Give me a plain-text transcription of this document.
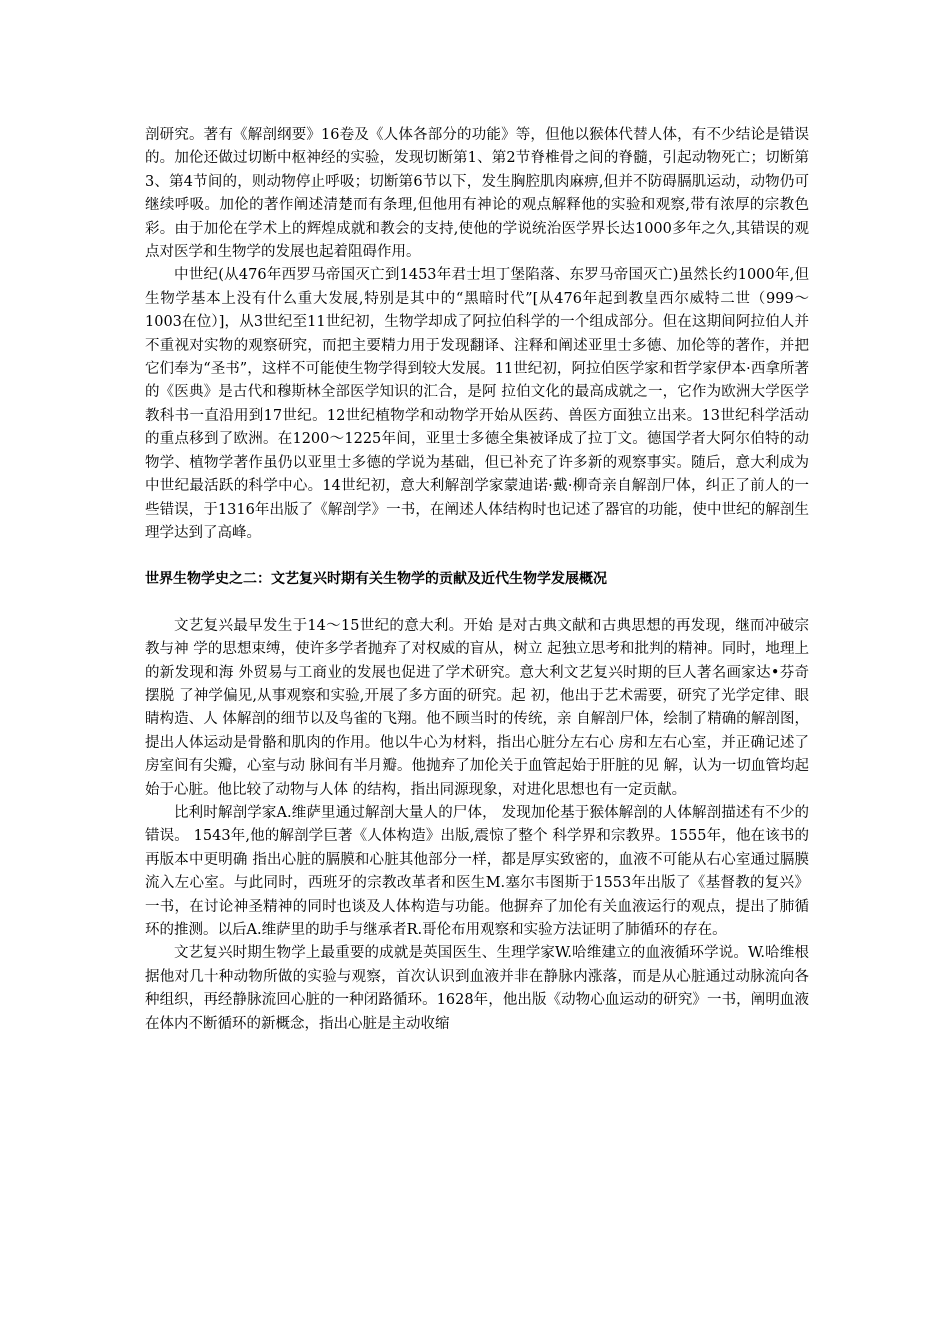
剖研究。著有《解剖纲要》16卷及《人体各部分的功能》等，但他以猴体代替人体，有不少结论是错误的。加伦还做过切断中枢神经的实验，发现切断第1、第2节脊椎骨之间的脊髓，引起动物死亡；切断第3、第4节间的，则动物停止呼吸；切断第6节以下，发生胸腔肌肉麻痹,但并不防碍膈肌运动，动物仍可继续呼吸。加伦的著作阐述清楚而有条理,但他用有神论的观点解释他的实验和观察,带有浓厚的宗教色彩。由于加伦在学术上的辉煌成就和教会的支持,使他的学说统治医学界长达1000多年之久,其错误的观点对医学和生物学的发展也起着阻碍作用。

中世纪(从476年西罗马帝国灭亡到1453年君士坦丁堡陷落、东罗马帝国灭亡)虽然长约1000年,但生物学基本上没有什么重大发展,特别是其中的“黑暗时代”[从476年起到教皇西尔威特二世（999～1003在位）]，从3世纪至11世纪初，生物学却成了阿拉伯科学的一个组成部分。但在这期间阿拉伯人并不重视对实物的观察研究，而把主要精力用于发现翻译、注释和阐述亚里士多德、加伦等的著作，并把它们奉为“圣书”，这样不可能使生物学得到较大发展。11世纪初，阿拉伯医学家和哲学家伊本·西拿所著的《医典》是古代和穆斯林全部医学知识的汇合，是阿 拉伯文化的最高成就之一，它作为欧洲大学医学教科书一直沿用到17世纪。12世纪植物学和动物学开始从医药、兽医方面独立出来。13世纪科学活动的重点移到了欧洲。在1200～1225年间，亚里士多德全集被译成了拉丁文。德国学者大阿尔伯特的动物学、植物学著作虽仍以亚里士多德的学说为基础，但已补充了许多新的观察事实。随后，意大利成为中世纪最活跃的科学中心。14世纪初，意大利解剖学家蒙迪诺·戴·柳奇亲自解剖尸体，纠正了前人的一些错误，于1316年出版了《解剖学》一书，在阐述人体结构时也记述了器官的功能，使中世纪的解剖生理学达到了高峰。

世界生物学史之二：文艺复兴时期有关生物学的贡献及近代生物学发展概况

文艺复兴最早发生于14～15世纪的意大利。开始 是对古典文献和古典思想的再发现，继而冲破宗教与神 学的思想束缚，使许多学者抛弃了对权威的盲从，树立 起独立思考和批判的精神。同时，地理上的新发现和海 外贸易与工商业的发展也促进了学术研究。意大利文艺复兴时期的巨人著名画家达•芬奇摆脱 了神学偏见,从事观察和实验,开展了多方面的研究。起 初，他出于艺术需要，研究了光学定律、眼睛构造、人 体解剖的细节以及鸟雀的飞翔。他不顾当时的传统，亲 自解剖尸体，绘制了精确的解剖图，提出人体运动是骨骼和肌肉的作用。他以牛心为材料，指出心脏分左右心 房和左右心室，并正确记述了房室间有尖瓣，心室与动 脉间有半月瓣。他抛弃了加伦关于血管起始于肝脏的见 解，认为一切血管均起始于心脏。他比较了动物与人体 的结构，指出同源现象，对进化思想也有一定贡献。

比利时解剖学家A.维萨里通过解剖大量人的尸体， 发现加伦基于猴体解剖的人体解剖描述有不少的错误。 1543年,他的解剖学巨著《人体构造》出版,震惊了整个 科学界和宗教界。1555年，他在该书的再版本中更明确 指出心脏的膈膜和心脏其他部分一样，都是厚实致密的，血液不可能从右心室通过膈膜流入左心室。与此同时，西班牙的宗教改革者和医生M.塞尔韦图斯于1553年出版了《基督教的复兴》一书，在讨论神圣精神的同时也谈及人体构造与功能。他摒弃了加伦有关血液运行的观点，提出了肺循环的推测。以后A.维萨里的助手与继承者R.哥伦布用观察和实验方法证明了肺循环的存在。

文艺复兴时期生物学上最重要的成就是英国医生、生理学家W.哈维建立的血液循环学说。W.哈维根据他对几十种动物所做的实验与观察，首次认识到血液并非在静脉内涨落，而是从心脏通过动脉流向各种组织，再经静脉流回心脏的一种闭路循环。1628年，他出版《动物心血运动的研究》一书，阐明血液在体内不断循环的新概念，指出心脏是主动收缩
